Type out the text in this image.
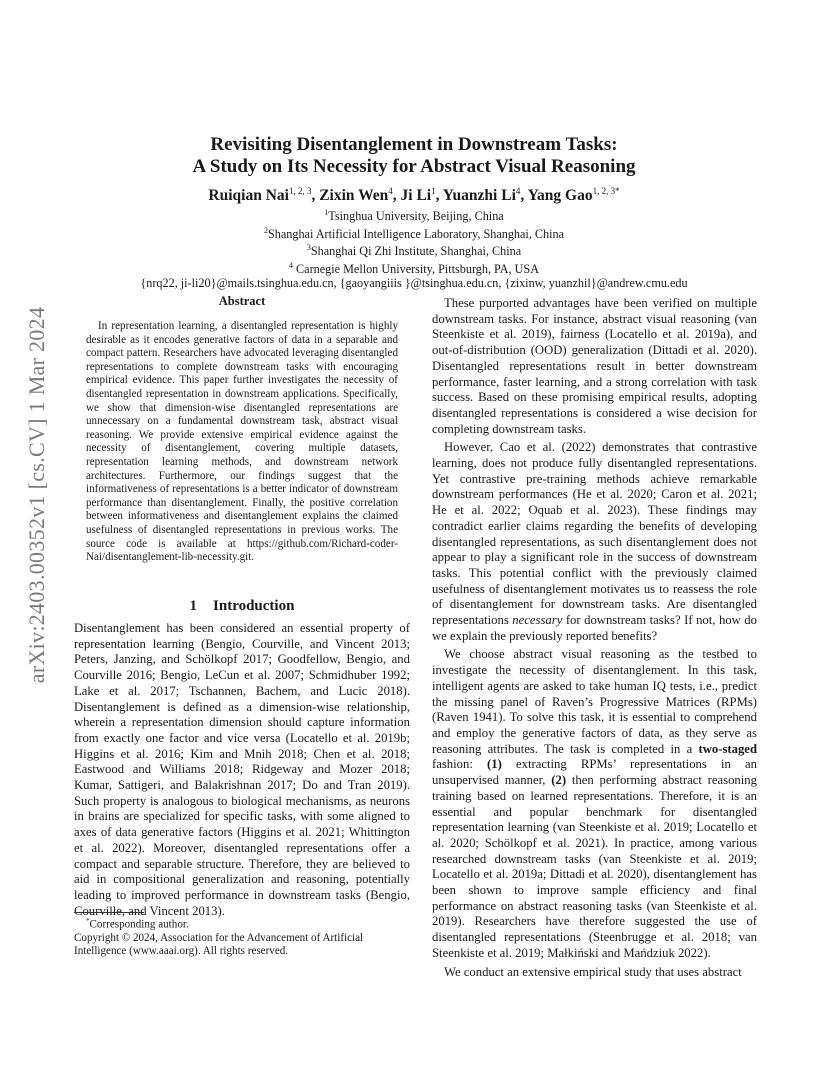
Revisiting Disentanglement in Downstream Tasks:
A Study on Its Necessity for Abstract Visual Reasoning
Ruiqian Nai$^{1, 2, 3}$, Zixin Wen$^4$, Ji Li$^1$, Yuanzhi Li$^4$, Yang Gao$^{1, 2, 3*}$
$^1$Tsinghua University, Beijing, China
$^2$Shanghai Artificial Intelligence Laboratory, Shanghai, China
$^3$Shanghai Qi Zhi Institute, Shanghai, China
$^4$ Carnegie Mellon University, Pittsburgh, PA, USA
{nrq22, ji-li20}@mails.tsinghua.edu.cn, {gaoyangiiis }@tsinghua.edu.cn, {zixinw, yuanzhil}@andrew.cmu.edu
arXiv:2403.00352v1 [cs.CV] 1 Mar 2024
Abstract

In representation learning, a disentangled representation is highly desirable as it encodes generative factors of data in a separable and compact pattern. Researchers have advocated leveraging disentangled representations to complete downstream tasks with encouraging empirical evidence. This paper further investigates the necessity of disentangled representation in downstream applications. Specifically, we show that dimension-wise disentangled representations are unnecessary on a fundamental downstream task, abstract visual reasoning. We provide extensive empirical evidence against the necessity of disentanglement, covering multiple datasets, representation learning methods, and downstream network architectures. Furthermore, our findings suggest that the informativeness of representations is a better indicator of downstream performance than disentanglement. Finally, the positive correlation between informativeness and disentanglement explains the claimed usefulness of disentangled representations in previous works. The source code is available at https://github.com/Richard-coder-Nai/disentanglement-lib-necessity.git.

1 Introduction

Disentanglement has been considered an essential property of representation learning (Bengio, Courville, and Vincent 2013; Peters, Janzing, and Schölkopf 2017; Goodfellow, Bengio, and Courville 2016; Bengio, LeCun et al. 2007; Schmidhuber 1992; Lake et al. 2017; Tschannen, Bachem, and Lucic 2018). Disentanglement is defined as a dimension-wise relationship, wherein a representation dimension should capture information from exactly one factor and vice versa (Locatello et al. 2019b; Higgins et al. 2016; Kim and Mnih 2018; Chen et al. 2018; Eastwood and Williams 2018; Ridgeway and Mozer 2018; Kumar, Sattigeri, and Balakrishnan 2017; Do and Tran 2019). Such property is analogous to biological mechanisms, as neurons in brains are specialized for specific tasks, with some aligned to axes of data generative factors (Higgins et al. 2021; Whittington et al. 2022). Moreover, disentangled representations offer a compact and separable structure. Therefore, they are believed to aid in compositional generalization and reasoning, potentially leading to improved performance in downstream tasks (Bengio, Courville, and Vincent 2013).

*Corresponding author.
Copyright © 2024, Association for the Advancement of Artificial Intelligence (www.aaai.org). All rights reserved.

These purported advantages have been verified on multiple downstream tasks. For instance, abstract visual reasoning (van Steenkiste et al. 2019), fairness (Locatello et al. 2019a), and out-of-distribution (OOD) generalization (Dittadi et al. 2020). Disentangled representations result in better downstream performance, faster learning, and a strong correlation with task success. Based on these promising empirical results, adopting disentangled representations is considered a wise decision for completing downstream tasks.

However, Cao et al. (2022) demonstrates that contrastive learning, does not produce fully disentangled representations. Yet contrastive pre-training methods achieve remarkable downstream performances (He et al. 2020; Caron et al. 2021; He et al. 2022; Oquab et al. 2023). These findings may contradict earlier claims regarding the benefits of developing disentangled representations, as such disentanglement does not appear to play a significant role in the success of downstream tasks. This potential conflict with the previously claimed usefulness of disentanglement motivates us to reassess the role of disentanglement for downstream tasks. Are disentangled representations necessary for downstream tasks? If not, how do we explain the previously reported benefits?

We choose abstract visual reasoning as the testbed to investigate the necessity of disentanglement. In this task, intelligent agents are asked to take human IQ tests, i.e., predict the missing panel of Raven’s Progressive Matrices (RPMs) (Raven 1941). To solve this task, it is essential to comprehend and employ the generative factors of data, as they serve as reasoning attributes. The task is completed in a two-staged fashion: (1) extracting RPMs’ representations in an unsupervised manner, (2) then performing abstract reasoning training based on learned representations. Therefore, it is an essential and popular benchmark for disentangled representation learning (van Steenkiste et al. 2019; Locatello et al. 2020; Schölkopf et al. 2021). In practice, among various researched downstream tasks (van Steenkiste et al. 2019; Locatello et al. 2019a; Dittadi et al. 2020), disentanglement has been shown to improve sample efficiency and final performance on abstract reasoning tasks (van Steenkiste et al. 2019). Researchers have therefore suggested the use of disentangled representations (Steenbrugge et al. 2018; van Steenkiste et al. 2019; Małkiński and Mańdziuk 2022).

We conduct an extensive empirical study that uses abstract
